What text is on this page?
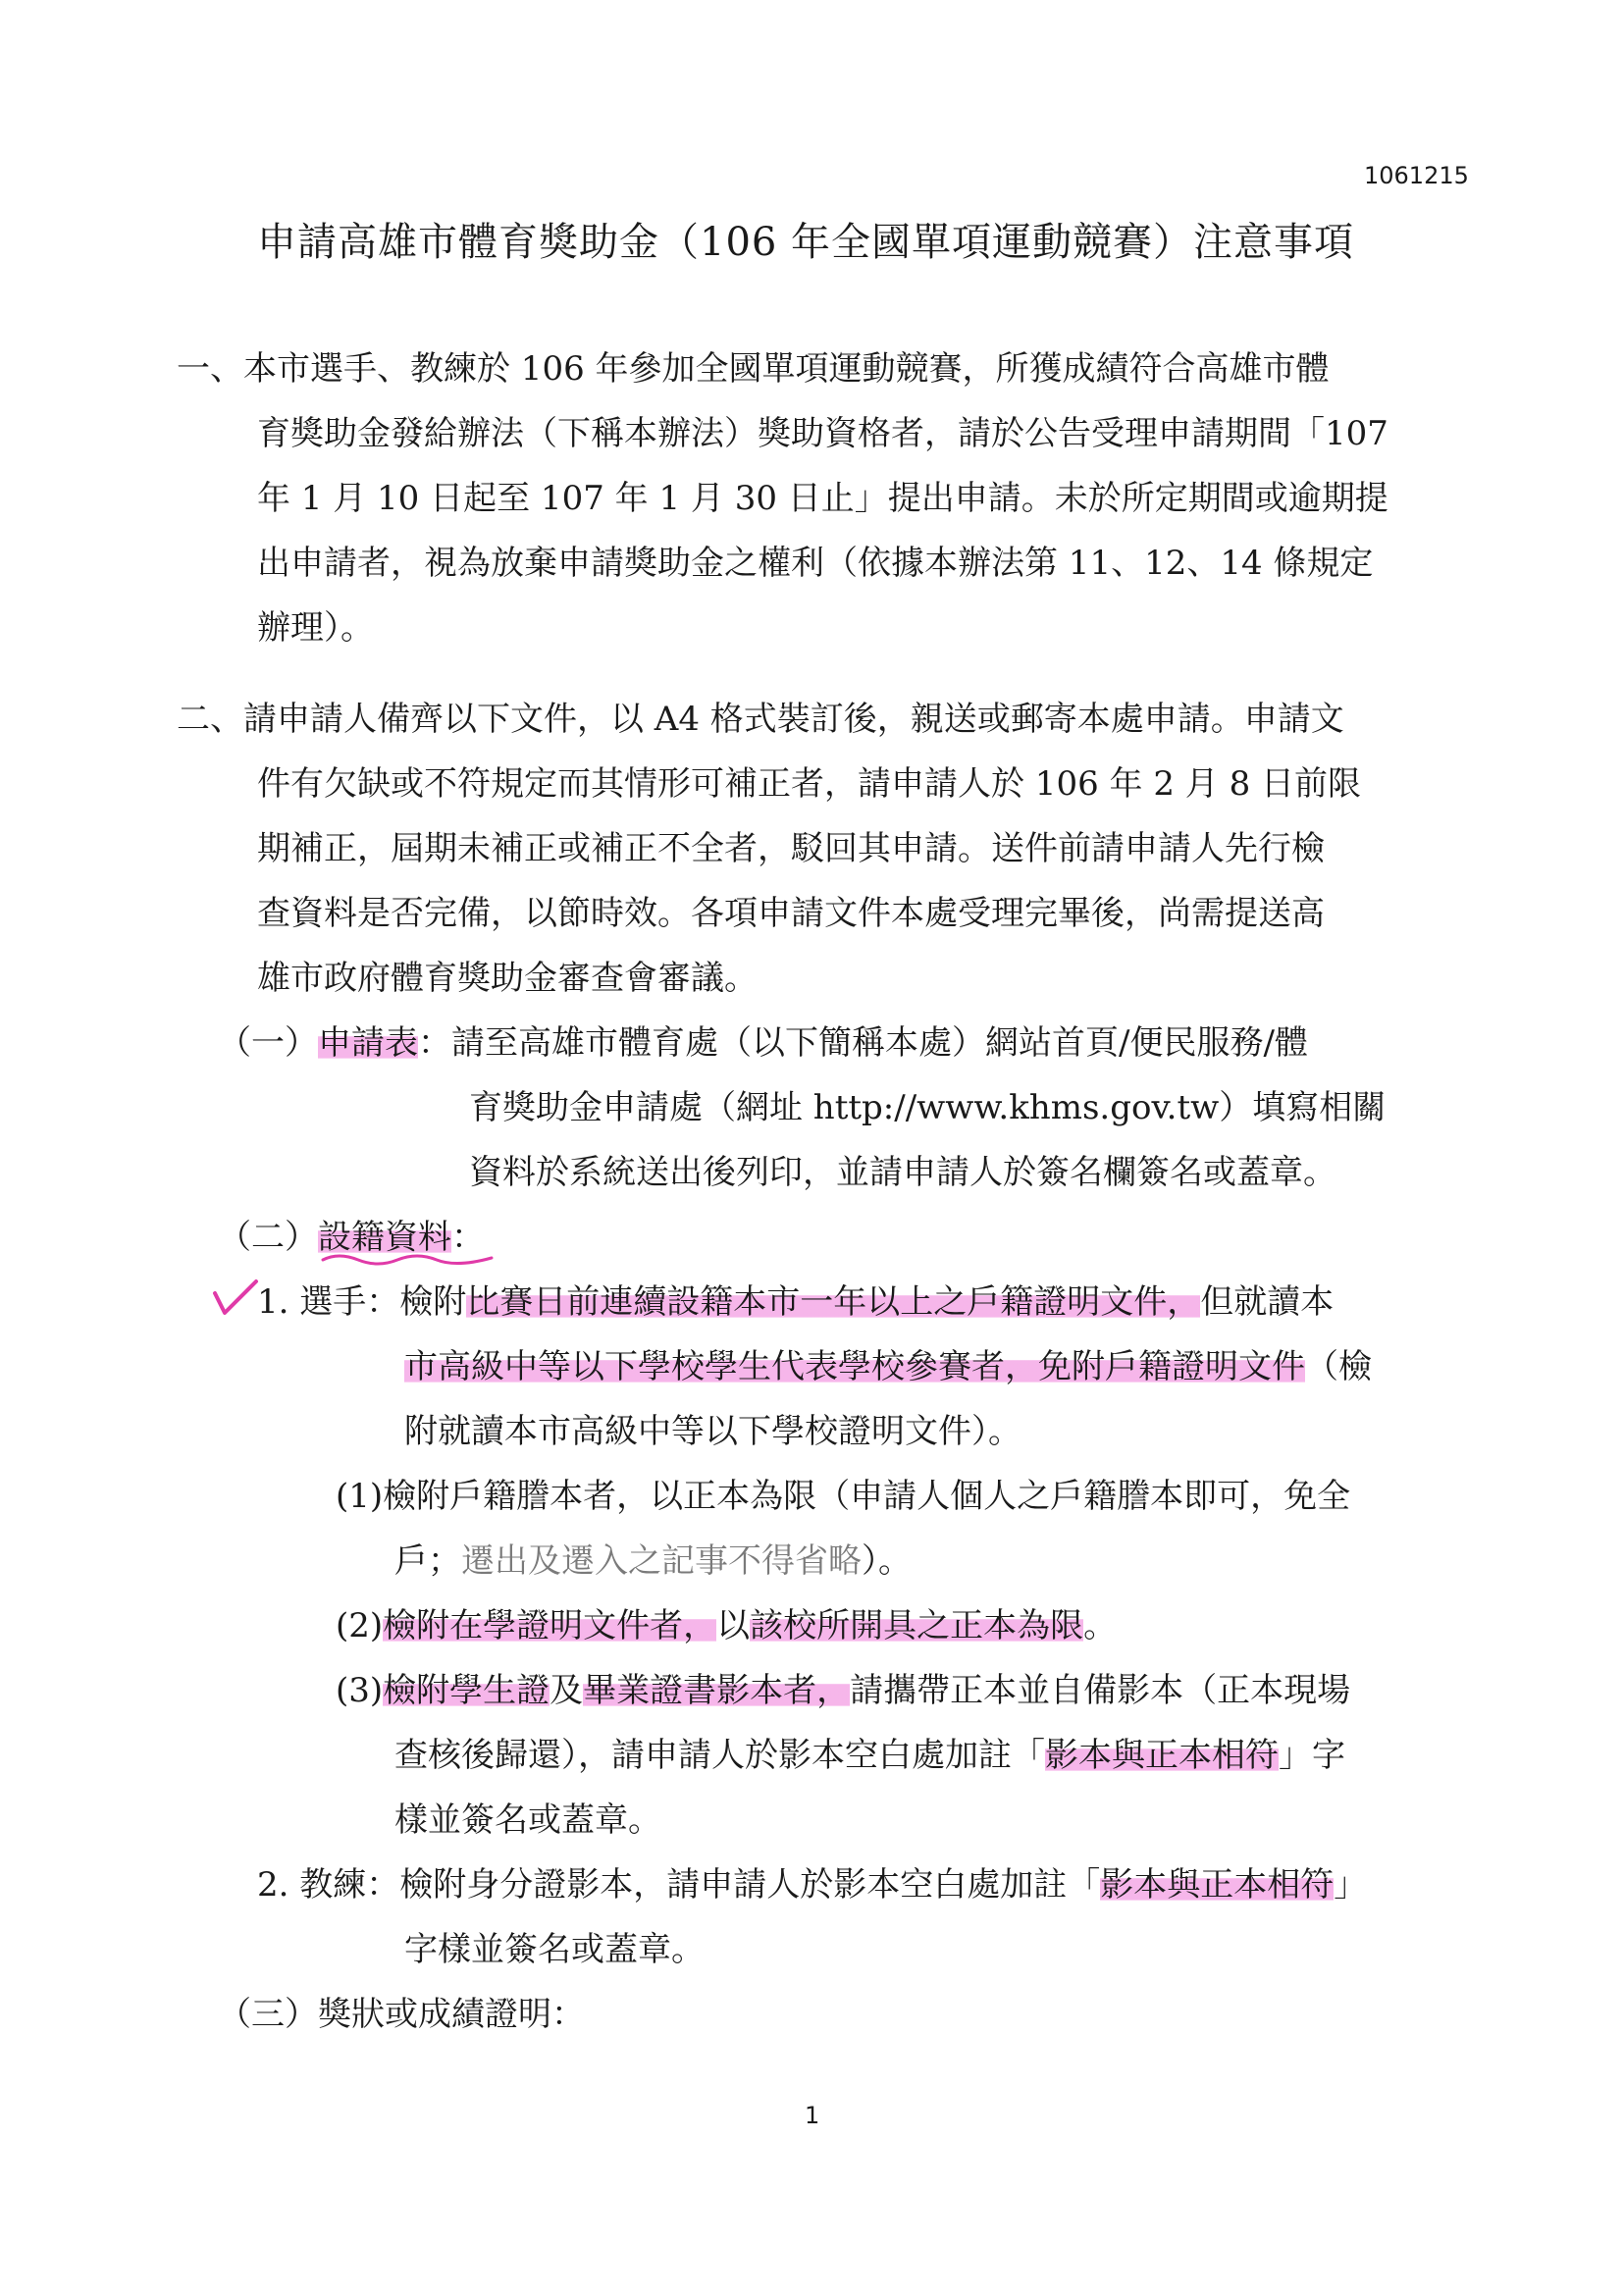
1061215
申請高雄市體育獎助金（106 年全國單項運動競賽）注意事項
一、本市選手、教練於 106 年參加全國單項運動競賽，所獲成績符合高雄市體
育獎助金發給辦法（下稱本辦法）獎助資格者，請於公告受理申請期間「107
年 1 月 10 日起至 107 年 1 月 30 日止」提出申請。未於所定期間或逾期提
出申請者，視為放棄申請獎助金之權利（依據本辦法第 11、12、14 條規定
辦理）。
二、請申請人備齊以下文件，以 A4 格式裝訂後，親送或郵寄本處申請。申請文
件有欠缺或不符規定而其情形可補正者，請申請人於 106 年 2 月 8 日前限
期補正，屆期未補正或補正不全者，駁回其申請。送件前請申請人先行檢
查資料是否完備，以節時效。各項申請文件本處受理完畢後，尚需提送高
雄市政府體育獎助金審查會審議。
（一）申請表：請至高雄市體育處（以下簡稱本處）網站首頁/便民服務/體
育獎助金申請處（網址 http://www.khms.gov.tw）填寫相關
資料於系統送出後列印，並請申請人於簽名欄簽名或蓋章。
（二）設籍資料：
1. 選手：檢附比賽日前連續設籍本市一年以上之戶籍證明文件，但就讀本
市高級中等以下學校學生代表學校參賽者，免附戶籍證明文件（檢
附就讀本市高級中等以下學校證明文件）。
(1)檢附戶籍謄本者，以正本為限（申請人個人之戶籍謄本即可，免全
戶；遷出及遷入之記事不得省略）。
(2)檢附在學證明文件者，以該校所開具之正本為限。
(3)檢附學生證及畢業證書影本者，請攜帶正本並自備影本（正本現場
查核後歸還），請申請人於影本空白處加註「影本與正本相符」字
樣並簽名或蓋章。
2. 教練：檢附身分證影本，請申請人於影本空白處加註「影本與正本相符」
字樣並簽名或蓋章。
（三）獎狀或成績證明：
1
